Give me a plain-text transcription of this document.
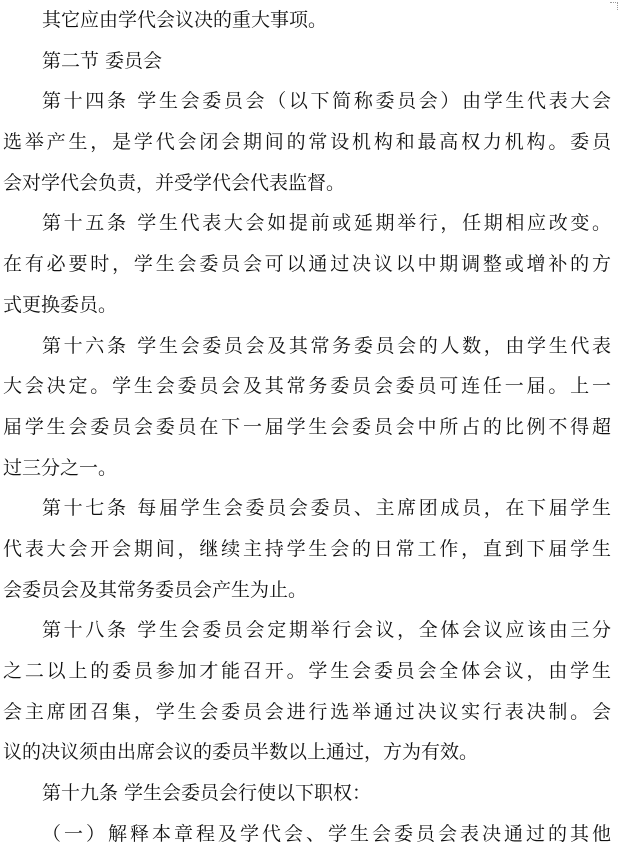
其它应由学代会议决的重大事项。
第二节 委员会
第十四条 学生会委员会（以下简称委员会）由学生代表大会
选举产生，是学代会闭会期间的常设机构和最高权力机构。委员
会对学代会负责，并受学代会代表监督。
第十五条 学生代表大会如提前或延期举行，任期相应改变。
在有必要时，学生会委员会可以通过决议以中期调整或增补的方
式更换委员。
第十六条 学生会委员会及其常务委员会的人数，由学生代表
大会决定。学生会委员会及其常务委员会委员可连任一届。上一
届学生会委员会委员在下一届学生会委员会中所占的比例不得超
过三分之一。
第十七条 每届学生会委员会委员、主席团成员，在下届学生
代表大会开会期间，继续主持学生会的日常工作，直到下届学生
会委员会及其常务委员会产生为止。
第十八条 学生会委员会定期举行会议，全体会议应该由三分
之二以上的委员参加才能召开。学生会委员会全体会议，由学生
会主席团召集，学生会委员会进行选举通过决议实行表决制。会
议的决议须由出席会议的委员半数以上通过，方为有效。
第十九条 学生会委员会行使以下职权：
（一）解释本章程及学代会、学生会委员会表决通过的其他
